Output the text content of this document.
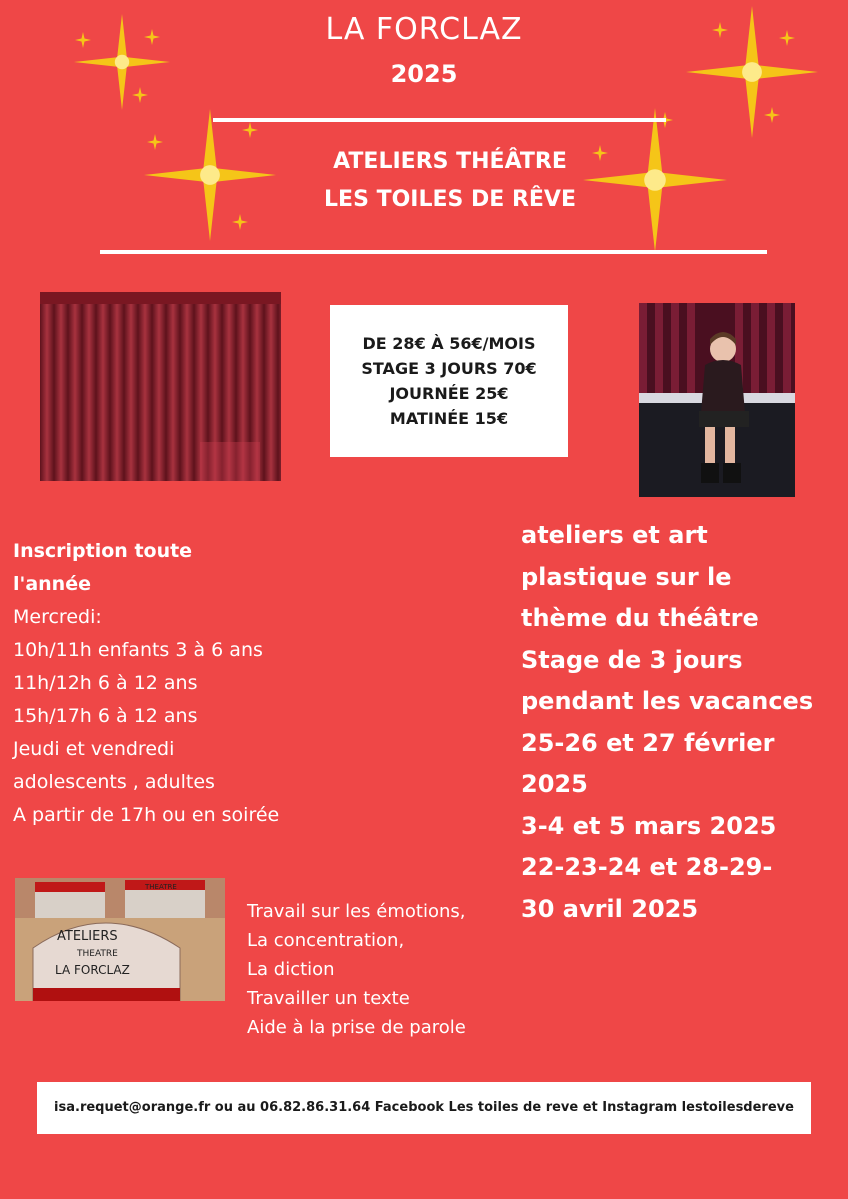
LA FORCLAZ
2025
ATELIERS THÉÂTRE
LES TOILES DE RÊVE
DE 28€ À 56€/MOIS
STAGE 3 JOURS 70€
JOURNÉE 25€
MATINÉE 15€
Inscription toute
l'année
Mercredi:
10h/11h enfants 3 à 6 ans
11h/12h 6 à 12 ans
15h/17h 6 à 12 ans
Jeudi et vendredi
adolescents , adultes
A partir de 17h ou en soirée
ateliers et art
plastique sur le
thème du théâtre
Stage de 3 jours
pendant les vacances
25-26 et 27 février
2025
3-4 et 5 mars 2025
22-23-24 et 28-29-
30 avril 2025
THEATRE
ATELIERS
THEATRE
LA FORCLAZ
Travail sur les émotions,
La concentration,
La diction
Travailler un texte
Aide à la prise de parole
isa.requet@orange.fr ou au 06.82.86.31.64 Facebook Les toiles de reve et Instagram lestoilesdereve
